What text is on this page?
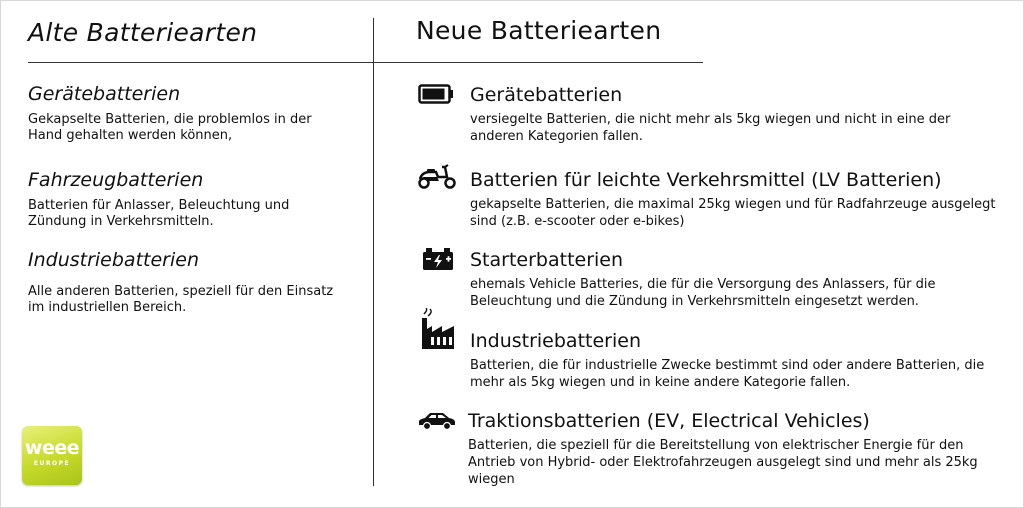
Alte Batteriearten
Gerätebatterien
Gekapselte Batterien, die problemlos in der Hand gehalten werden können,
Fahrzeugbatterien
Batterien für Anlasser, Beleuchtung und Zündung in Verkehrsmitteln.
Industriebatterien
Alle anderen Batterien, speziell für den Einsatz im industriellen Bereich.
weee
EUROPE
Neue Batteriearten
Gerätebatterien
versiegelte Batterien, die nicht mehr als 5kg wiegen und nicht in eine der anderen Kategorien fallen.
Batterien für leichte Verkehrsmittel (LV Batterien)
gekapselte Batterien, die maximal 25kg wiegen und für Radfahrzeuge ausgelegt sind (z.B. e-scooter oder e-bikes)
Starterbatterien
ehemals Vehicle Batteries, die für die Versorgung des Anlassers, für die Beleuchtung und die Zündung in Verkehrsmitteln eingesetzt werden.
Industriebatterien
Batterien, die für industrielle Zwecke bestimmt sind oder andere Batterien, die mehr als 5kg wiegen und in keine andere Kategorie fallen.
Traktionsbatterien (EV, Electrical Vehicles)
Batterien, die speziell für die Bereitstellung von elektrischer Energie für den Antrieb von Hybrid- oder Elektrofahrzeugen ausgelegt sind und mehr als 25kg wiegen
